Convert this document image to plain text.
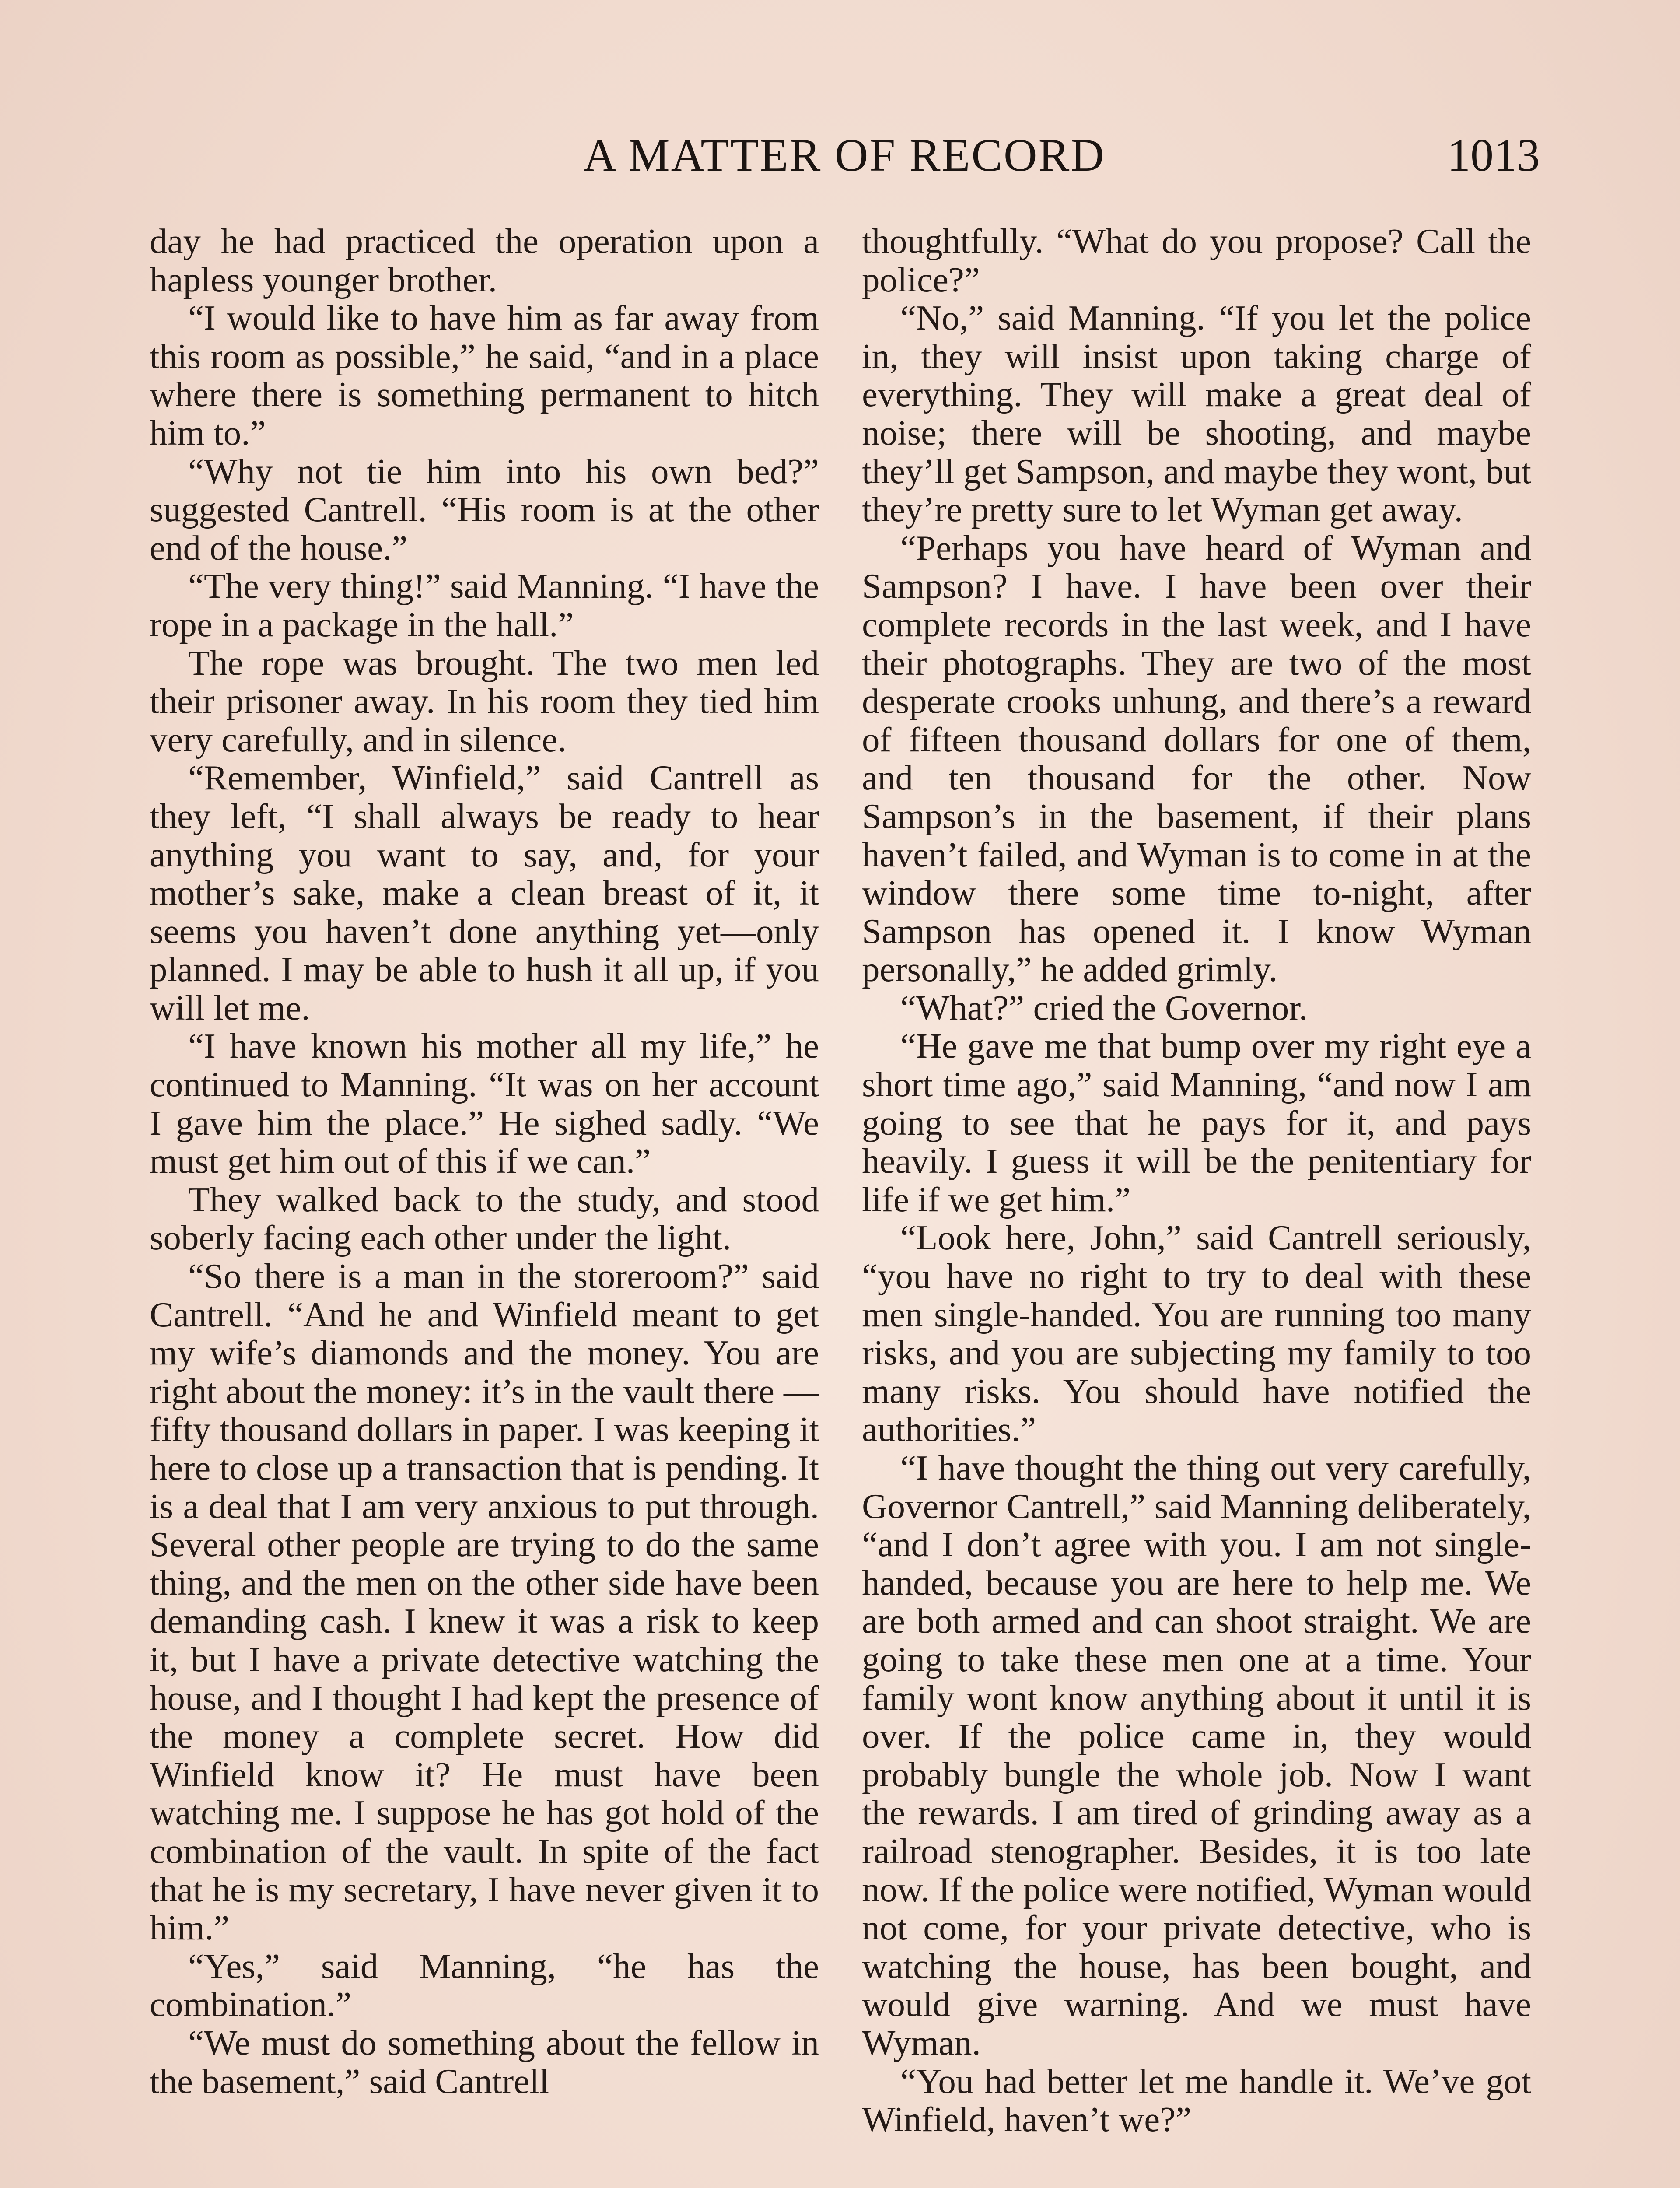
A MATTER OF RECORD	1013

day he had practiced the operation upon a hapless younger brother.

“I would like to have him as far away from this room as possible,” he said, “and in a place where there is something permanent to hitch him to.”

“Why not tie him into his own bed?” suggested Cantrell. “His room is at the other end of the house.”

“The very thing!” said Manning. “I have the rope in a package in the hall.”

The rope was brought. The two men led their prisoner away. In his room they tied him very carefully, and in silence.

“Remember, Winfield,” said Cantrell as they left, “I shall always be ready to hear anything you want to say, and, for your mother’s sake, make a clean breast of it, it seems you haven’t done anything yet—only planned. I may be able to hush it all up, if you will let me.

“I have known his mother all my life,” he continued to Manning. “It was on her account I gave him the place.” He sighed sadly. “We must get him out of this if we can.”

They walked back to the study, and stood soberly facing each other under the light.

“So there is a man in the storeroom?” said Cantrell. “And he and Winfield meant to get my wife’s diamonds and the money. You are right about the money: it’s in the vault there —fifty thousand dollars in paper. I was keeping it here to close up a transaction that is pending. It is a deal that I am very anxious to put through. Several other people are trying to do the same thing, and the men on the other side have been demanding cash. I knew it was a risk to keep it, but I have a private detective watching the house, and I thought I had kept the presence of the money a complete secret. How did Winfield know it? He must have been watching me. I suppose he has got hold of the combination of the vault. In spite of the fact that he is my secretary, I have never given it to him.”

“Yes,” said Manning, “he has the combination.”

“We must do something about the fellow in the basement,” said Cantrell

thoughtfully. “What do you propose? Call the police?”

“No,” said Manning. “If you let the police in, they will insist upon taking charge of everything. They will make a great deal of noise; there will be shooting, and maybe they’ll get Sampson, and maybe they wont, but they’re pretty sure to let Wyman get away.

“Perhaps you have heard of Wyman and Sampson? I have. I have been over their complete records in the last week, and I have their photographs. They are two of the most desperate crooks unhung, and there’s a reward of fifteen thousand dollars for one of them, and ten thousand for the other. Now Sampson’s in the basement, if their plans haven’t failed, and Wyman is to come in at the window there some time to-night, after Sampson has opened it. I know Wyman personally,” he added grimly.

“What?” cried the Governor.

“He gave me that bump over my right eye a short time ago,” said Manning, “and now I am going to see that he pays for it, and pays heavily. I guess it will be the penitentiary for life if we get him.”

“Look here, John,” said Cantrell seriously, “you have no right to try to deal with these men single-handed. You are running too many risks, and you are subjecting my family to too many risks. You should have notified the authorities.”

“I have thought the thing out very carefully, Governor Cantrell,” said Manning deliberately, “and I don’t agree with you. I am not single-handed, because you are here to help me. We are both armed and can shoot straight. We are going to take these men one at a time. Your family wont know anything about it until it is over. If the police came in, they would probably bungle the whole job. Now I want the rewards. I am tired of grinding away as a railroad stenographer. Besides, it is too late now. If the police were notified, Wyman would not come, for your private detective, who is watching the house, has been bought, and would give warning. And we must have Wyman.

“You had better let me handle it. We’ve got Winfield, haven’t we?”
